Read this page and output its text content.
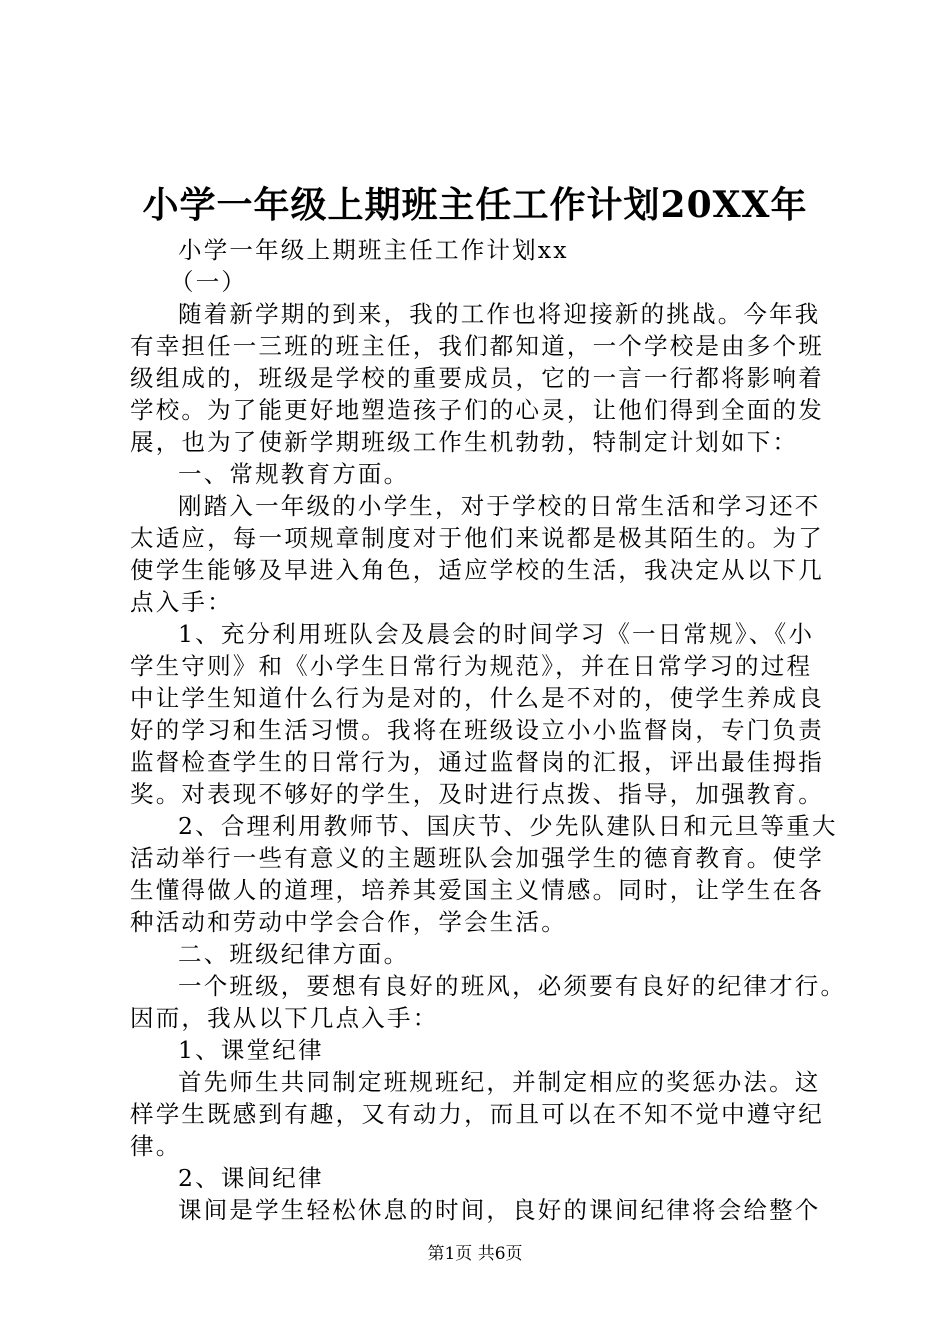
小学一年级上期班主任工作计划20XX年

小学一年级上期班主任工作计划xx

（一）

随着新学期的到来，我的工作也将迎接新的挑战。今年我

有幸担任一三班的班主任，我们都知道，一个学校是由多个班

级组成的，班级是学校的重要成员，它的一言一行都将影响着

学校。为了能更好地塑造孩子们的心灵，让他们得到全面的发

展，也为了使新学期班级工作生机勃勃，特制定计划如下：

一、常规教育方面。

刚踏入一年级的小学生，对于学校的日常生活和学习还不

太适应，每一项规章制度对于他们来说都是极其陌生的。为了

使学生能够及早进入角色，适应学校的生活，我决定从以下几

点入手：

1、充分利用班队会及晨会的时间学习《一日常规》、《小

学生守则》和《小学生日常行为规范》，并在日常学习的过程

中让学生知道什么行为是对的，什么是不对的，使学生养成良

好的学习和生活习惯。我将在班级设立小小监督岗，专门负责

监督检查学生的日常行为，通过监督岗的汇报，评出最佳拇指

奖。对表现不够好的学生，及时进行点拨、指导，加强教育。

2、合理利用教师节、国庆节、少先队建队日和元旦等重大

活动举行一些有意义的主题班队会加强学生的德育教育。使学

生懂得做人的道理，培养其爱国主义情感。同时，让学生在各

种活动和劳动中学会合作，学会生活。

二、班级纪律方面。

一个班级，要想有良好的班风，必须要有良好的纪律才行。

因而，我从以下几点入手：

1、课堂纪律

首先师生共同制定班规班纪，并制定相应的奖惩办法。这

样学生既感到有趣，又有动力，而且可以在不知不觉中遵守纪

律。

2、课间纪律

课间是学生轻松休息的时间，良好的课间纪律将会给整个

第1页 共6页
